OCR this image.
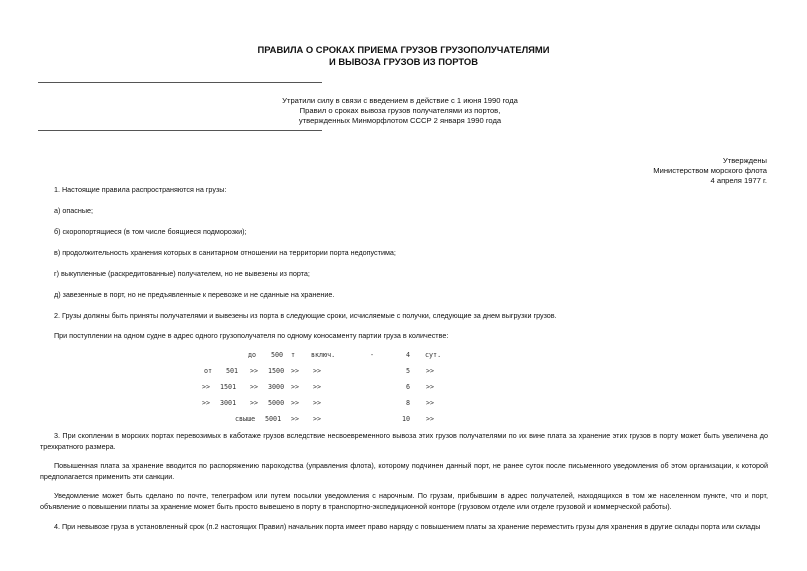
ПРАВИЛА О СРОКАХ ПРИЕМА ГРУЗОВ ГРУЗОПОЛУЧАТЕЛЯМИ
И ВЫВОЗА ГРУЗОВ ИЗ ПОРТОВ
Утратили силу в связи с введением в действие с 1 июня 1990 года
Правил о сроках вывоза грузов получателями из портов,
утвержденных Минморфлотом СССР 2 января 1990 года
Утверждены
Министерством морского флота
4 апреля 1977 г.
1. Настоящие правила распространяются на грузы:
а) опасные;
б) скоропортящиеся (в том числе боящиеся подморозки);
в) продолжительность хранения которых в санитарном отношении на территории порта недопустима;
г) выкупленные (раскредитованные) получателем, но не вывезены из порта;
д) завезенные в порт, но не предъявленные к перевозке и не сданные на хранение.
2. Грузы должны быть приняты получателями и вывезены из порта в следующие сроки, исчисляемые с получки, следующие за днем выгрузки грузов.
При поступлении на одном судне в адрес одного грузополучателя по одному коносаменту партии груза в количестве:
до 500 т включ.	-	4 сут.
от 501 >> 1500 >> >>	5 >>
>> 1501 >> 3000 >> >>	6 >>
>> 3001 >> 5000 >> >>	8 >>
свыше 5001 >> >>	10 >>
3. При скоплении в морских портах перевозимых в каботаже грузов вследствие несвоевременного вывоза этих грузов получателями по их вине плата за хранение этих грузов в порту может быть увеличена до трехкратного размера.
Повышенная плата за хранение вводится по распоряжению пароходства (управления флота), которому подчинен данный порт, не ранее суток после письменного уведомления об этом организации, к которой предполагается применить эти санкции.
Уведомление может быть сделано по почте, телеграфом или путем посылки уведомления с нарочным. По грузам, прибывшим в адрес получателей, находящихся в том же населенном пункте, что и порт, объявление о повышении платы за хранение может быть просто вывешено в порту в транспортно-экспедиционной конторе (грузовом отделе или отделе грузовой и коммерческой работы).
4. При невывозе груза в установленный срок (п.2 настоящих Правил) начальник порта имеет право наряду с повышением платы за хранение переместить грузы для хранения в другие склады порта или склады
